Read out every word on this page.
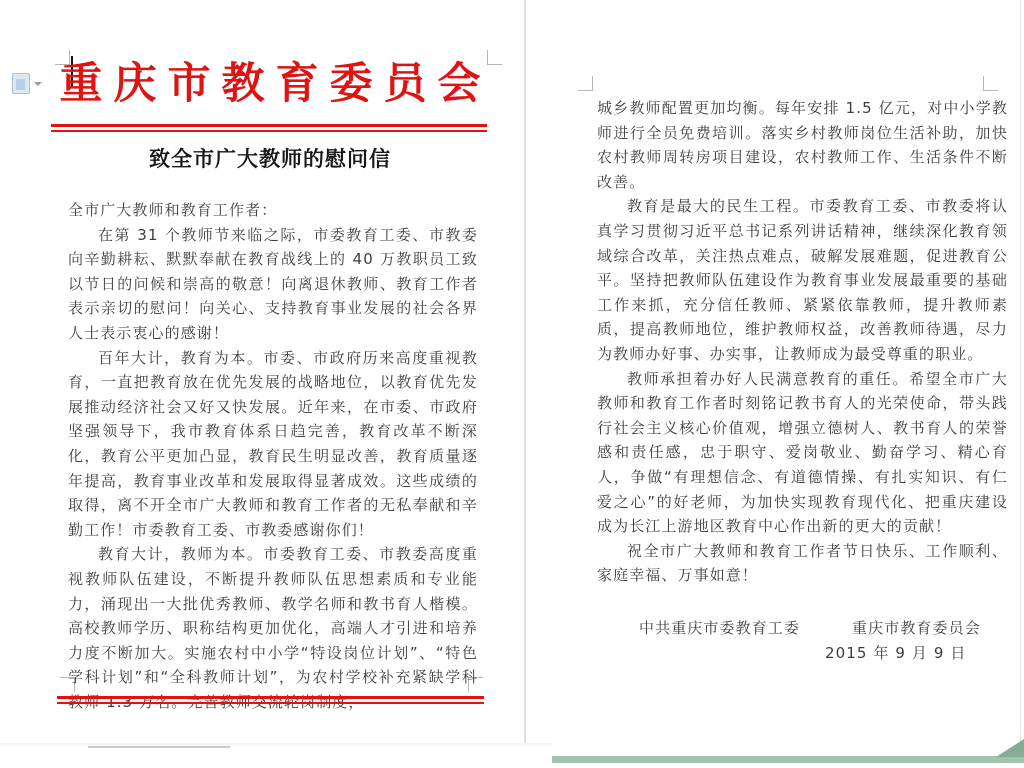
重庆市教育委员会
致全市广大教师的慰问信

全市广大教师和教育工作者：

在第 31 个教师节来临之际，市委教育工委、市教委向辛勤耕耘、默默奉献在教育战线上的 40 万教职员工致以节日的问候和崇高的敬意！向离退休教师、教育工作者表示亲切的慰问！向关心、支持教育事业发展的社会各界人士表示衷心的感谢！

百年大计，教育为本。市委、市政府历来高度重视教育，一直把教育放在优先发展的战略地位，以教育优先发展推动经济社会又好又快发展。近年来，在市委、市政府坚强领导下，我市教育体系日趋完善，教育改革不断深化，教育公平更加凸显，教育民生明显改善，教育质量逐年提高，教育事业改革和发展取得显著成效。这些成绩的取得，离不开全市广大教师和教育工作者的无私奉献和辛勤工作！市委教育工委、市教委感谢你们！

教育大计，教师为本。市委教育工委、市教委高度重视教师队伍建设，不断提升教师队伍思想素质和专业能力，涌现出一大批优秀教师、教学名师和教书育人楷模。高校教师学历、职称结构更加优化，高端人才引进和培养力度不断加大。实施农村中小学“特设岗位计划”、“特色学科计划”和“全科教师计划”，为农村学校补充紧缺学科教师 1.3 万名。完善教师交流轮岗制度，

城乡教师配置更加均衡。每年安排 1.5 亿元，对中小学教师进行全员免费培训。落实乡村教师岗位生活补助，加快农村教师周转房项目建设，农村教师工作、生活条件不断改善。

教育是最大的民生工程。市委教育工委、市教委将认真学习贯彻习近平总书记系列讲话精神，继续深化教育领域综合改革，关注热点难点，破解发展难题，促进教育公平。坚持把教师队伍建设作为教育事业发展最重要的基础工作来抓，充分信任教师、紧紧依靠教师，提升教师素质，提高教师地位，维护教师权益，改善教师待遇，尽力为教师办好事、办实事，让教师成为最受尊重的职业。

教师承担着办好人民满意教育的重任。希望全市广大教师和教育工作者时刻铭记教书育人的光荣使命，带头践行社会主义核心价值观，增强立德树人、教书育人的荣誉感和责任感，忠于职守、爱岗敬业、勤奋学习、精心育人，争做“有理想信念、有道德情操、有扎实知识、有仁爱之心”的好老师，为加快实现教育现代化、把重庆建设成为长江上游地区教育中心作出新的更大的贡献！

祝全市广大教师和教育工作者节日快乐、工作顺利、家庭幸福、万事如意！

中共重庆市委教育工委	重庆市教育委员会
2015 年 9 月 9 日
